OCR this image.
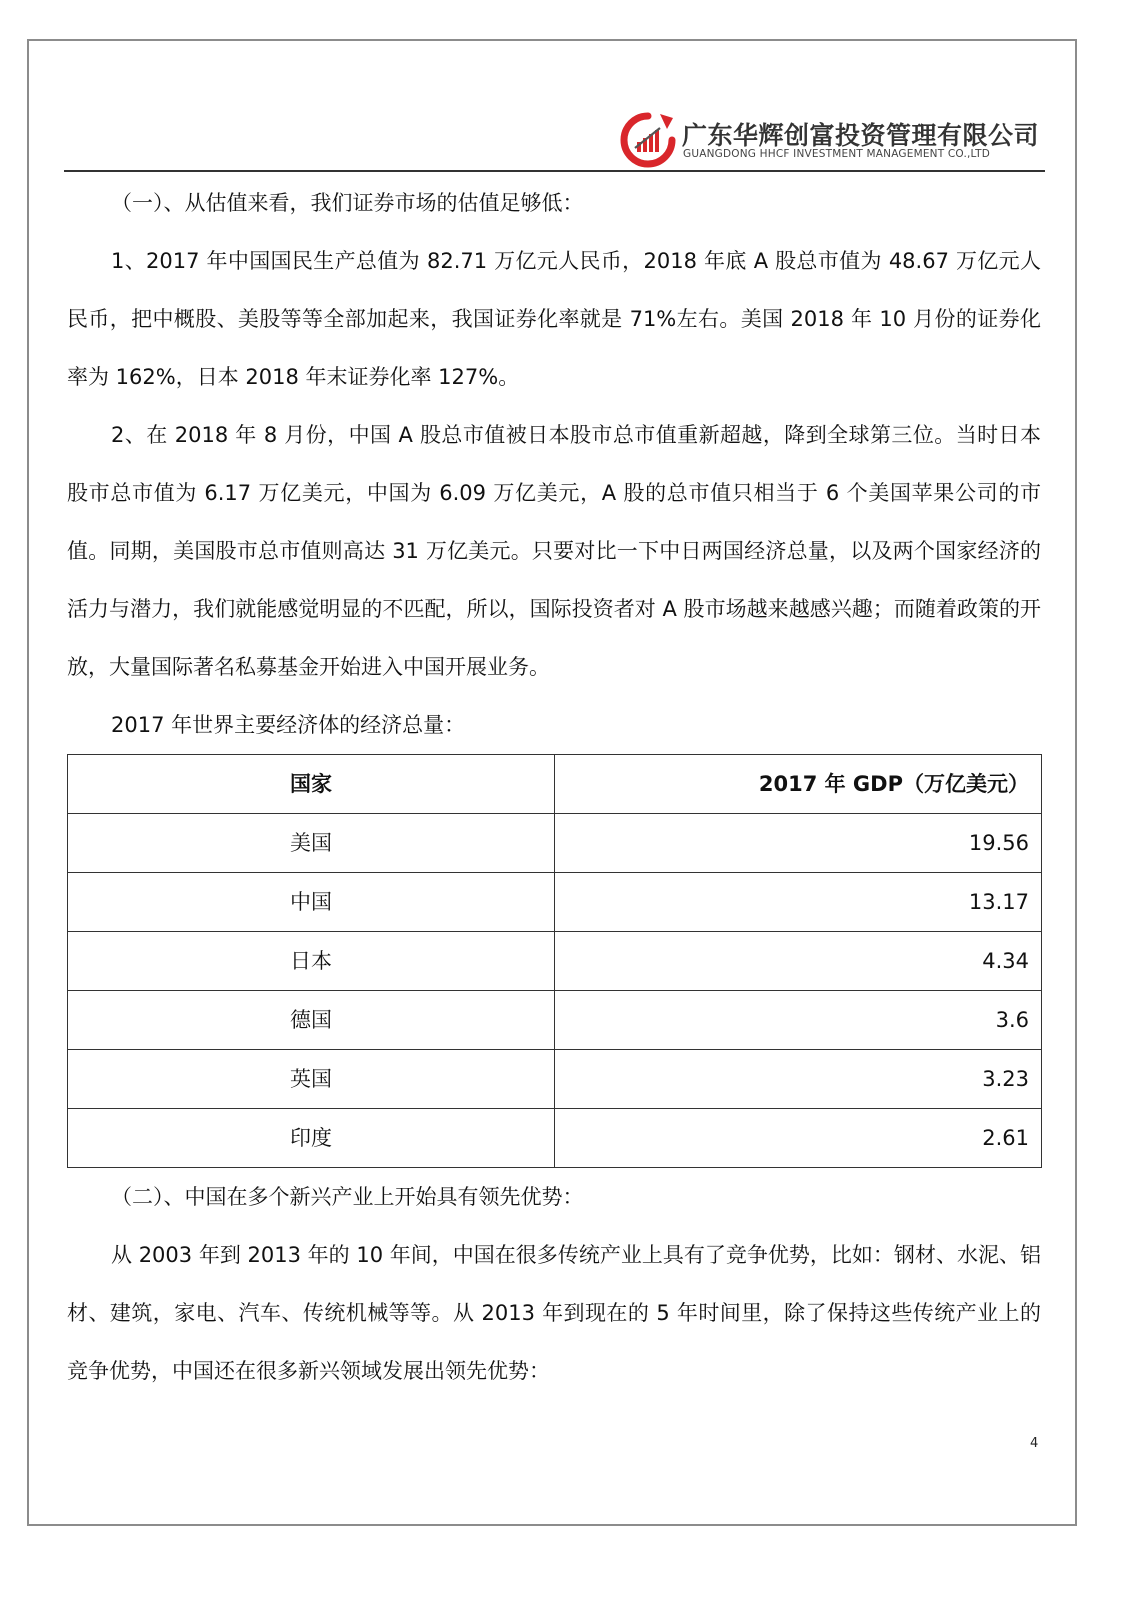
广东华辉创富投资管理有限公司
GUANGDONG HHCF INVESTMENT MANAGEMENT CO.,LTD

（一）、从估值来看，我们证券市场的估值足够低：

1、2017 年中国国民生产总值为 82.71 万亿元人民币，2018 年底 A 股总市值为 48.67 万亿元人民币，把中概股、美股等等全部加起来，我国证券化率就是 71%左右。美国 2018 年 10 月份的证券化率为 162%，日本 2018 年末证券化率 127%。

2、在 2018 年 8 月份，中国 A 股总市值被日本股市总市值重新超越，降到全球第三位。当时日本股市总市值为 6.17 万亿美元，中国为 6.09 万亿美元，A 股的总市值只相当于 6 个美国苹果公司的市值。同期，美国股市总市值则高达 31 万亿美元。只要对比一下中日两国经济总量，以及两个国家经济的活力与潜力，我们就能感觉明显的不匹配，所以，国际投资者对 A 股市场越来越感兴趣；而随着政策的开放，大量国际著名私募基金开始进入中国开展业务。

2017 年世界主要经济体的经济总量：

国家	2017 年 GDP（万亿美元）
美国	19.56
中国	13.17
日本	4.34
德国	3.6
英国	3.23
印度	2.61

（二）、中国在多个新兴产业上开始具有领先优势：

从 2003 年到 2013 年的 10 年间，中国在很多传统产业上具有了竞争优势，比如：钢材、水泥、铝材、建筑，家电、汽车、传统机械等等。从 2013 年到现在的 5 年时间里，除了保持这些传统产业上的竞争优势，中国还在很多新兴领域发展出领先优势：

4
